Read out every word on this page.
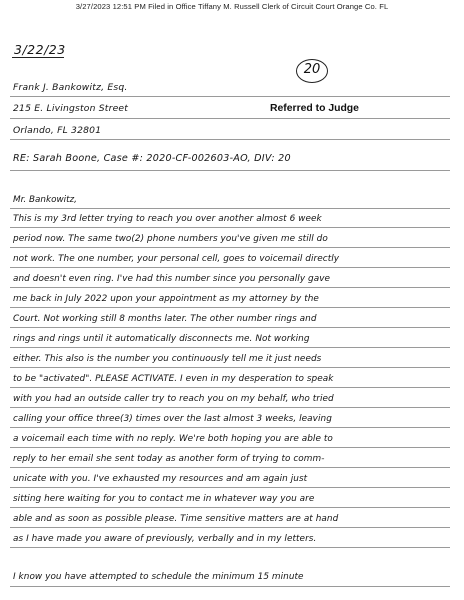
3/27/2023 12:51 PM Filed in Office Tiffany M. Russell Clerk of Circuit Court Orange Co. FL
3/22/23
20
Frank J. Bankowitz, Esq.
215 E. Livingston Street	Referred to Judge
Orlando, FL 32801
RE: Sarah Boone, Case #: 2020-CF-002603-AO, DIV: 20
Mr. Bankowitz,
This is my 3rd letter trying to reach you over another almost 6 week
period now. The same two(2) phone numbers you've given me still do
not work. The one number, your personal cell, goes to voicemail directly
and doesn't even ring. I've had this number since you personally gave
me back in July 2022 upon your appointment as my attorney by the
Court. Not working still 8 months later. The other number rings and
rings and rings until it automatically disconnects me. Not working
either. This also is the number you continuously tell me it just needs
to be "activated". PLEASE ACTIVATE. I even in my desperation to speak
with you had an outside caller try to reach you on my behalf, who tried
calling your office three(3) times over the last almost 3 weeks, leaving
a voicemail each time with no reply. We're both hoping you are able to
reply to her email she sent today as another form of trying to comm-
unicate with you. I've exhausted my resources and am again just
sitting here waiting for you to contact me in whatever way you are
able and as soon as possible please. Time sensitive matters are at hand
as I have made you aware of previously, verbally and in my letters.
I know you have attempted to schedule the minimum 15 minute
